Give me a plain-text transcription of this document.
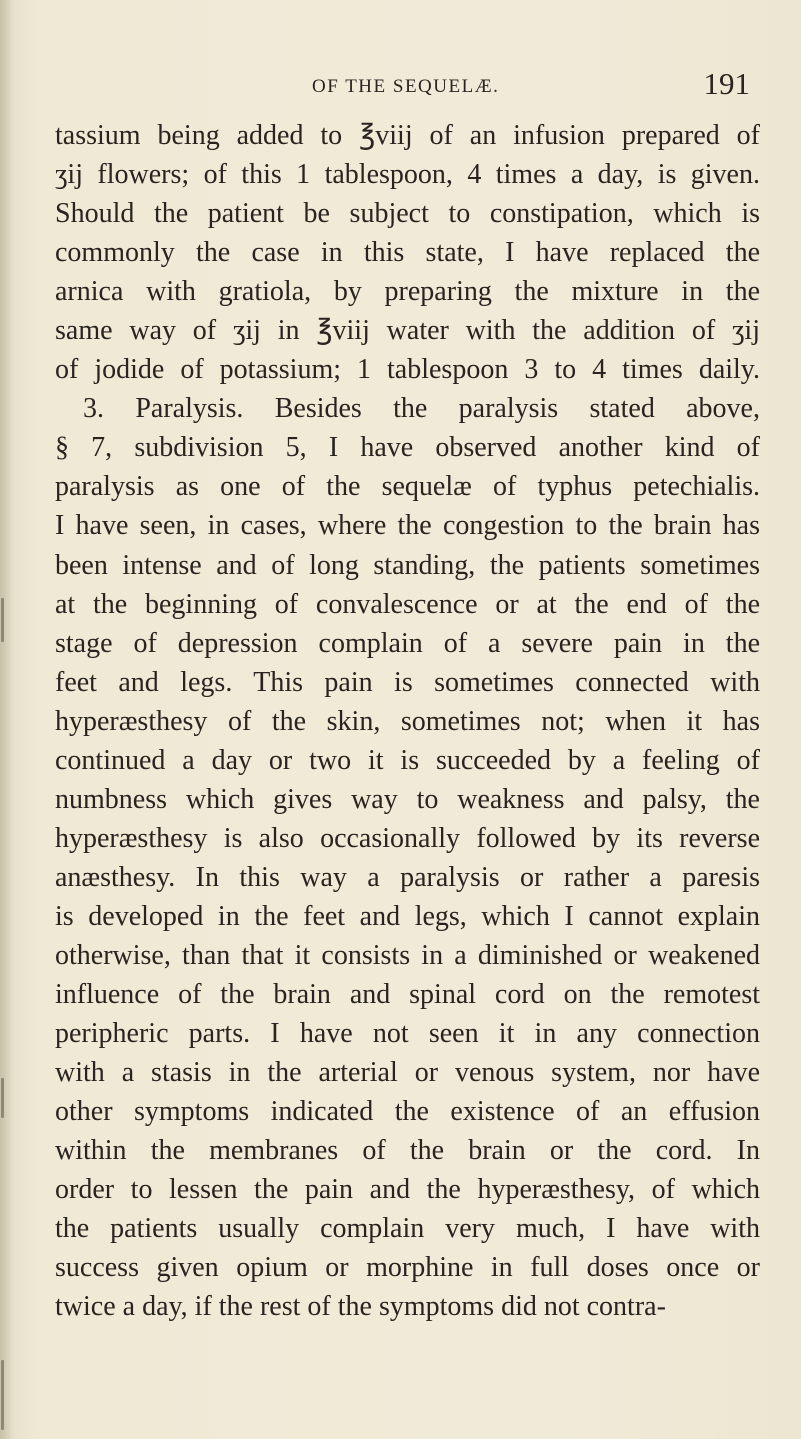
OF THE SEQUELÆ.	191
tassium being added to ℥viij of an infusion prepared of
ʒij flowers; of this 1 tablespoon, 4 times a day, is given.
Should the patient be subject to constipation, which is
commonly the case in this state, I have replaced the
arnica with gratiola, by preparing the mixture in the
same way of ʒij in ℥viij water with the addition of ʒij
of jodide of potassium; 1 tablespoon 3 to 4 times daily.
3. Paralysis. Besides the paralysis stated above,
§ 7, subdivision 5, I have observed another kind of
paralysis as one of the sequelæ of typhus petechialis.
I have seen, in cases, where the congestion to the brain has
been intense and of long standing, the patients sometimes
at the beginning of convalescence or at the end of the
stage of depression complain of a severe pain in the
feet and legs. This pain is sometimes connected with
hyperæsthesy of the skin, sometimes not; when it has
continued a day or two it is succeeded by a feeling of
numbness which gives way to weakness and palsy, the
hyperæsthesy is also occasionally followed by its reverse
anæsthesy. In this way a paralysis or rather a paresis
is developed in the feet and legs, which I cannot explain
otherwise, than that it consists in a diminished or weakened
influence of the brain and spinal cord on the remotest
peripheric parts. I have not seen it in any connection
with a stasis in the arterial or venous system, nor have
other symptoms indicated the existence of an effusion
within the membranes of the brain or the cord. In
order to lessen the pain and the hyperæsthesy, of which
the patients usually complain very much, I have with
success given opium or morphine in full doses once or
twice a day, if the rest of the symptoms did not contra-
